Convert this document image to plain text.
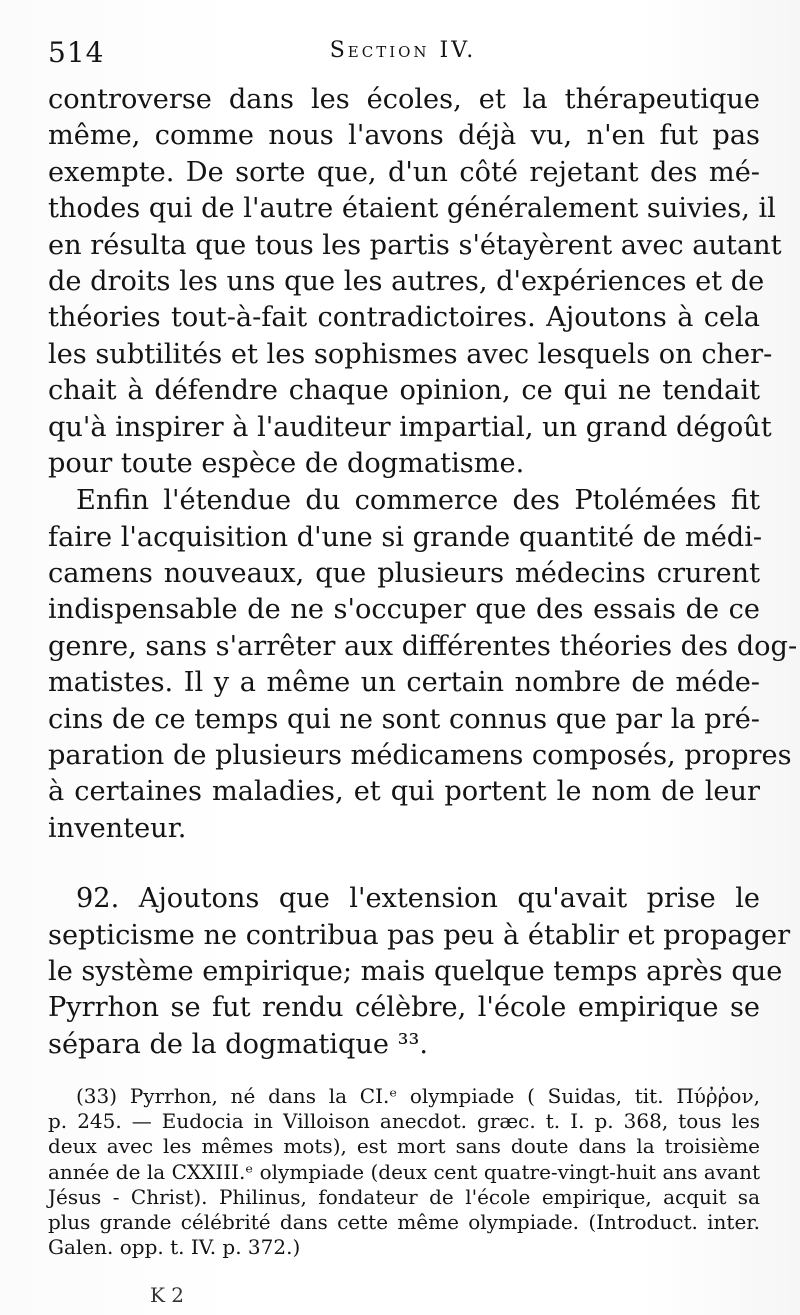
514	Section IV.
controverse dans les écoles, et la thérapeutique
même, comme nous l'avons déjà vu, n'en fut pas
exempte. De sorte que, d'un côté rejetant des mé-
thodes qui de l'autre étaient généralement suivies, il
en résulta que tous les partis s'étayèrent avec autant
de droits les uns que les autres, d'expériences et de
théories tout-à-fait contradictoires. Ajoutons à cela
les subtilités et les sophismes avec lesquels on cher-
chait à défendre chaque opinion, ce qui ne tendait
qu'à inspirer à l'auditeur impartial, un grand dégoût
pour toute espèce de dogmatisme.
Enfin l'étendue du commerce des Ptolémées fit
faire l'acquisition d'une si grande quantité de médi-
camens nouveaux, que plusieurs médecins crurent
indispensable de ne s'occuper que des essais de ce
genre, sans s'arrêter aux différentes théories des dog-
matistes. Il y a même un certain nombre de méde-
cins de ce temps qui ne sont connus que par la pré-
paration de plusieurs médicamens composés, propres
à certaines maladies, et qui portent le nom de leur
inventeur.
92. Ajoutons que l'extension qu'avait prise le
septicisme ne contribua pas peu à établir et propager
le système empirique; mais quelque temps après que
Pyrrhon se fut rendu célèbre, l'école empirique se
sépara de la dogmatique ³³.
(33) Pyrrhon, né dans la CI.ᵉ olympiade ( Suidas, tit. Πύῤῥον,
p. 245. — Eudocia in Villoison anecdot. græc. t. I. p. 368, tous les
deux avec les mêmes mots), est mort sans doute dans la troisième
année de la CXXIII.ᵉ olympiade (deux cent quatre-vingt-huit ans avant
Jésus - Christ). Philinus, fondateur de l'école empirique, acquit sa
plus grande célébrité dans cette même olympiade. (Introduct. inter.
Galen. opp. t. IV. p. 372.)
K 2
